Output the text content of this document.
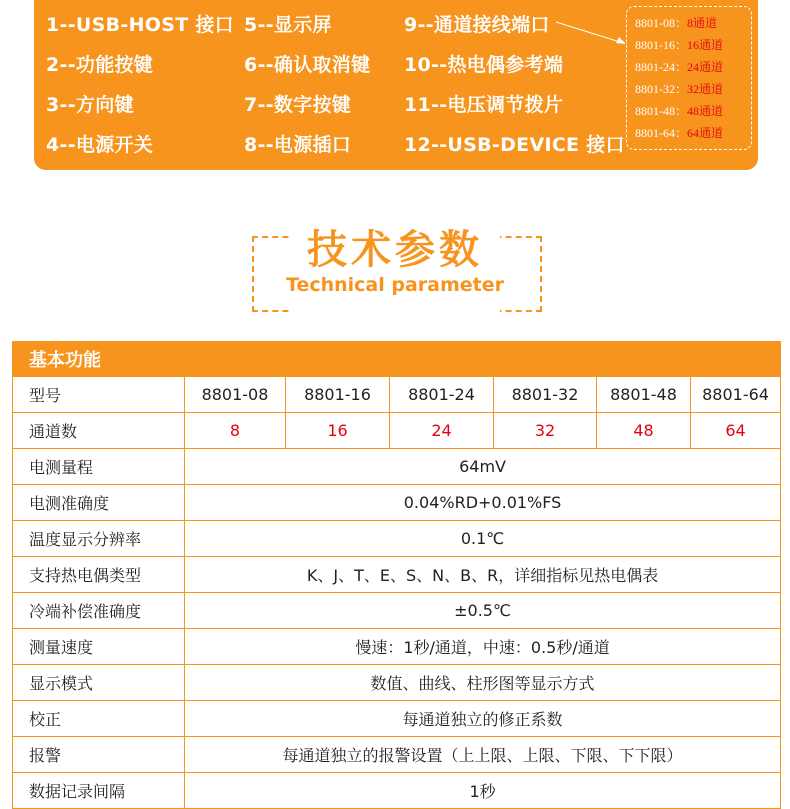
1--USB-HOST 接口
2--功能按键
3--方向键
4--电源开关
5--显示屏
6--确认取消键
7--数字按键
8--电源插口
9--通道接线端口
10--热电偶参考端
11--电压调节拨片
12--USB-DEVICE 接口
8801-08：8通道
8801-16：16通道
8801-24：24通道
8801-32：32通道
8801-48：48通道
8801-64：64通道
技术参数
Technical parameter
基本功能						
型号	8801-08	8801-16	8801-24	8801-32	8801-48	8801-64
通道数	8	16	24	32	48	64
电测量程	64mV					
电测准确度	0.04%RD+0.01%FS					
温度显示分辨率	0.1℃					
支持热电偶类型	K、J、T、E、S、N、B、R，详细指标见热电偶表					
冷端补偿准确度	±0.5℃					
测量速度	慢速：1秒/通道，中速：0.5秒/通道					
显示模式	数值、曲线、柱形图等显示方式					
校正	每通道独立的修正系数					
报警	每通道独立的报警设置（上上限、上限、下限、下下限）					
数据记录间隔	1秒					
